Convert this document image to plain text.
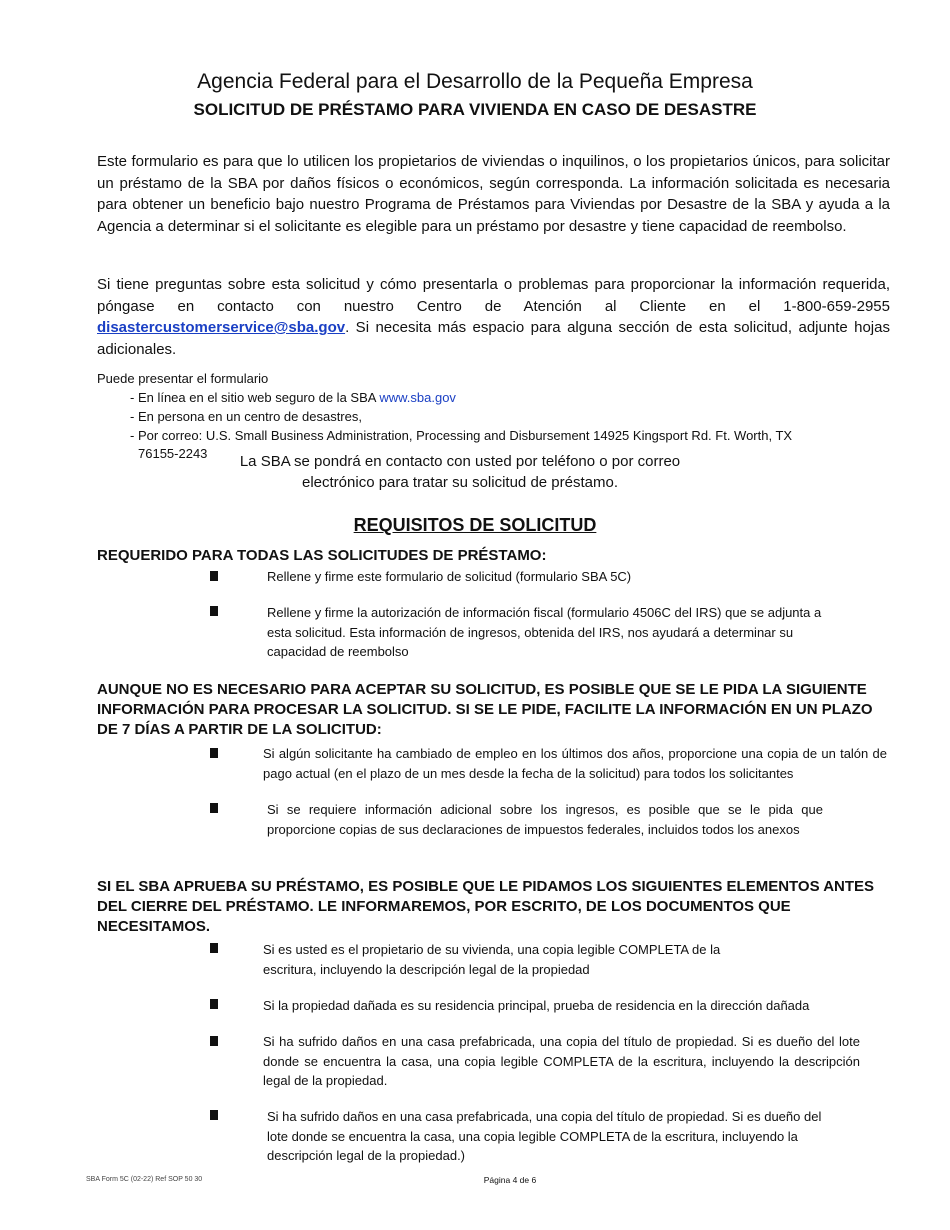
Agencia Federal para el Desarrollo de la Pequeña Empresa
SOLICITUD DE PRÉSTAMO PARA VIVIENDA EN CASO DE DESASTRE
Este formulario es para que lo utilicen los propietarios de viviendas o inquilinos, o los propietarios únicos, para solicitar un préstamo de la SBA por daños físicos o económicos, según corresponda. La información solicitada es necesaria para obtener un beneficio bajo nuestro Programa de Préstamos para Viviendas por Desastre de la SBA y ayuda a la Agencia a determinar si el solicitante es elegible para un préstamo por desastre y tiene capacidad de reembolso.
Si tiene preguntas sobre esta solicitud y cómo presentarla o problemas para proporcionar la información requerida, póngase en contacto con nuestro Centro de Atención al Cliente en el 1-800-659-2955 disastercustomerservice@sba.gov. Si necesita más espacio para alguna sección de esta solicitud, adjunte hojas adicionales.
Puede presentar el formulario
- En línea en el sitio web seguro de la SBA www.sba.gov
- En persona en un centro de desastres,
- Por correo: U.S. Small Business Administration, Processing and Disbursement 14925 Kingsport Rd. Ft. Worth, TX
76155-2243	La SBA se pondrá en contacto con usted por teléfono o por correo
electrónico para tratar su solicitud de préstamo.
REQUISITOS DE SOLICITUD
REQUERIDO PARA TODAS LAS SOLICITUDES DE PRÉSTAMO:
Rellene y firme este formulario de solicitud (formulario SBA 5C)
Rellene y firme la autorización de información fiscal (formulario 4506C del IRS) que se adjunta a esta solicitud. Esta información de ingresos, obtenida del IRS, nos ayudará a determinar su capacidad de reembolso
AUNQUE NO ES NECESARIO PARA ACEPTAR SU SOLICITUD, ES POSIBLE QUE SE LE PIDA LA SIGUIENTE INFORMACIÓN PARA PROCESAR LA SOLICITUD. SI SE LE PIDE, FACILITE LA INFORMACIÓN EN UN PLAZO DE 7 DÍAS A PARTIR DE LA SOLICITUD:
Si algún solicitante ha cambiado de empleo en los últimos dos años, proporcione una copia de un talón de pago actual (en el plazo de un mes desde la fecha de la solicitud) para todos los solicitantes
Si se requiere información adicional sobre los ingresos, es posible que se le pida que proporcione copias de sus declaraciones de impuestos federales, incluidos todos los anexos
SI EL SBA APRUEBA SU PRÉSTAMO, ES POSIBLE QUE LE PIDAMOS LOS SIGUIENTES ELEMENTOS ANTES DEL CIERRE DEL PRÉSTAMO. LE INFORMAREMOS, POR ESCRITO, DE LOS DOCUMENTOS QUE NECESITAMOS.
Si es usted es el propietario de su vivienda, una copia legible COMPLETA de la escritura, incluyendo la descripción legal de la propiedad
Si la propiedad dañada es su residencia principal, prueba de residencia en la dirección dañada
Si ha sufrido daños en una casa prefabricada, una copia del título de propiedad. Si es dueño del lote donde se encuentra la casa, una copia legible COMPLETA de la escritura, incluyendo la descripción legal de la propiedad.
Si ha sufrido daños en una casa prefabricada, una copia del título de propiedad. Si es dueño del lote donde se encuentra la casa, una copia legible COMPLETA de la escritura, incluyendo la descripción legal de la propiedad.)
SBA Form 5C (02-22) Ref SOP 50 30	Página 4 de 6
